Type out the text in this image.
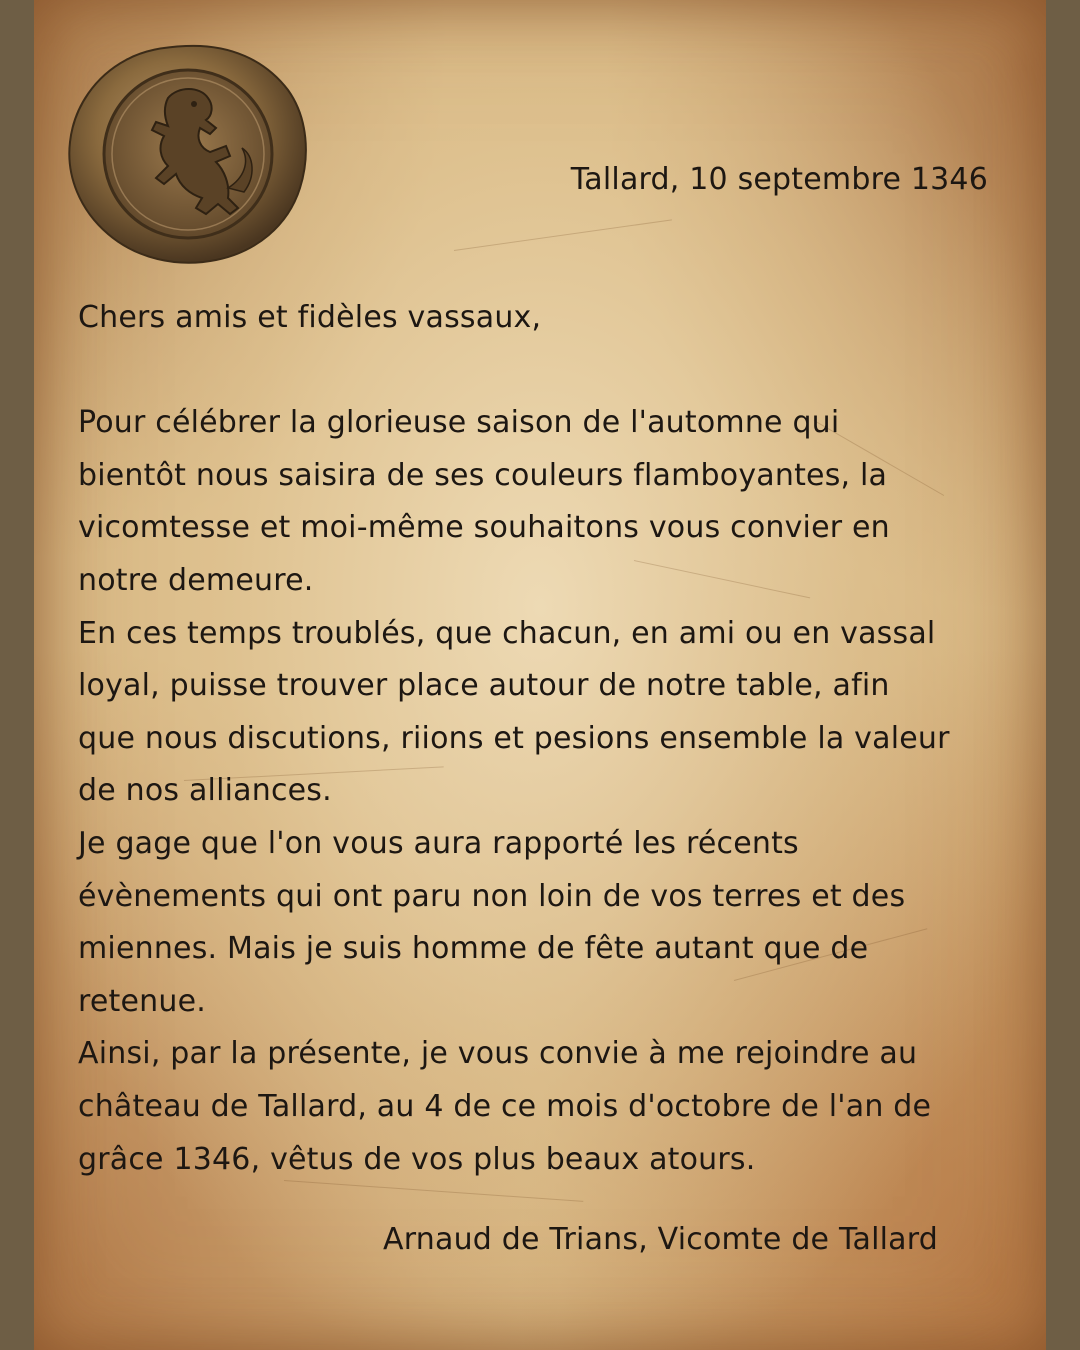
Tallard, 10 septembre 1346
Chers amis et fidèles vassaux,
Pour célébrer la glorieuse saison de l'automne qui
bientôt nous saisira de ses couleurs flamboyantes, la
vicomtesse et moi-même souhaitons vous convier en
notre demeure.
En ces temps troublés, que chacun, en ami ou en vassal
loyal, puisse trouver place autour de notre table, afin
que nous discutions, riions et pesions ensemble la valeur
de nos alliances.
Je gage que l'on vous aura rapporté les récents
évènements qui ont paru non loin de vos terres et des
miennes. Mais je suis homme de fête autant que de
retenue.
Ainsi, par la présente, je vous convie à me rejoindre au
château de Tallard, au 4 de ce mois d'octobre de l'an de
grâce 1346, vêtus de vos plus beaux atours.
Arnaud de Trians, Vicomte de Tallard
